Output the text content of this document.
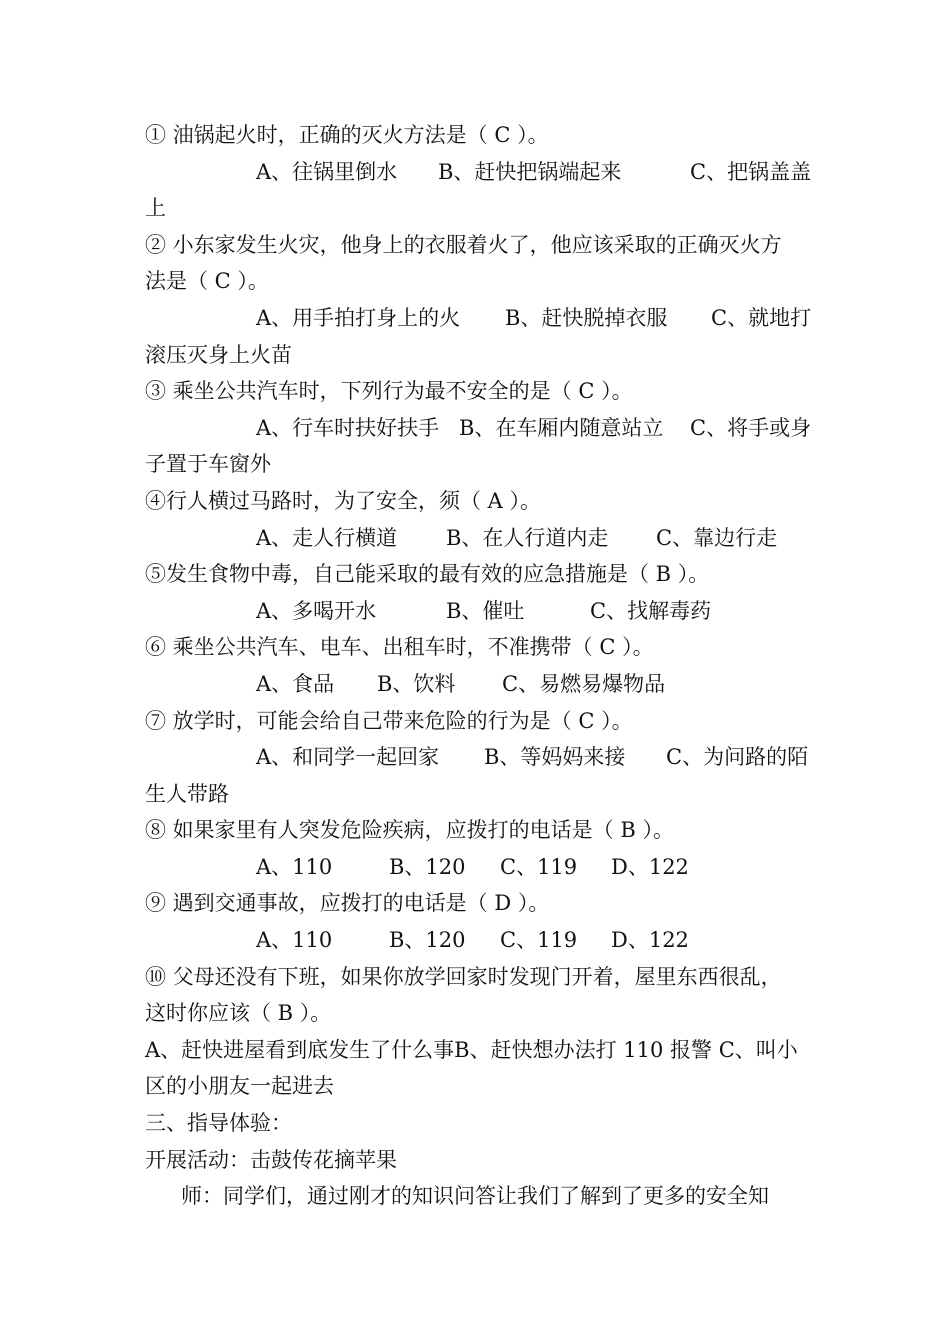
① 油锅起火时，正确的灭火方法是（ C ）。
A、往锅里倒水 B、赶快把锅端起来	C、把锅盖盖
上
② 小东家发生火灾，他身上的衣服着火了，他应该采取的正确灭火方
法是（ C ）。
A、用手拍打身上的火 B、赶快脱掉衣服 C、就地打
滚压灭身上火苗
③ 乘坐公共汽车时，下列行为最不安全的是（ C ）。
A、行车时扶好扶手 B、在车厢内随意站立 C、将手或身
子置于车窗外
④行人横过马路时，为了安全，须（ A ）。
A、走人行横道 B、在人行道内走 C、靠边行走
⑤发生食物中毒，自己能采取的最有效的应急措施是（ B ）。
A、多喝开水	B、催吐	C、找解毒药
⑥ 乘坐公共汽车、电车、出租车时，不准携带（ C ）。
A、食品 B、饮料 C、易燃易爆物品
⑦ 放学时，可能会给自己带来危险的行为是（ C ）。
A、和同学一起回家 B、等妈妈来接 C、为问路的陌
生人带路
⑧ 如果家里有人突发危险疾病，应拨打的电话是（ B ）。
A、110	B、120 C、119 D、122
⑨ 遇到交通事故，应拨打的电话是（ D ）。
A、110	B、120 C、119 D、122
⑩ 父母还没有下班，如果你放学回家时发现门开着，屋里东西很乱，
这时你应该（ B ）。
A、赶快进屋看到底发生了什么事B、赶快想办法打 110 报警 C、叫小
区的小朋友一起进去
三、指导体验：
开展活动：击鼓传花摘苹果
师：同学们，通过刚才的知识问答让我们了解到了更多的安全知
